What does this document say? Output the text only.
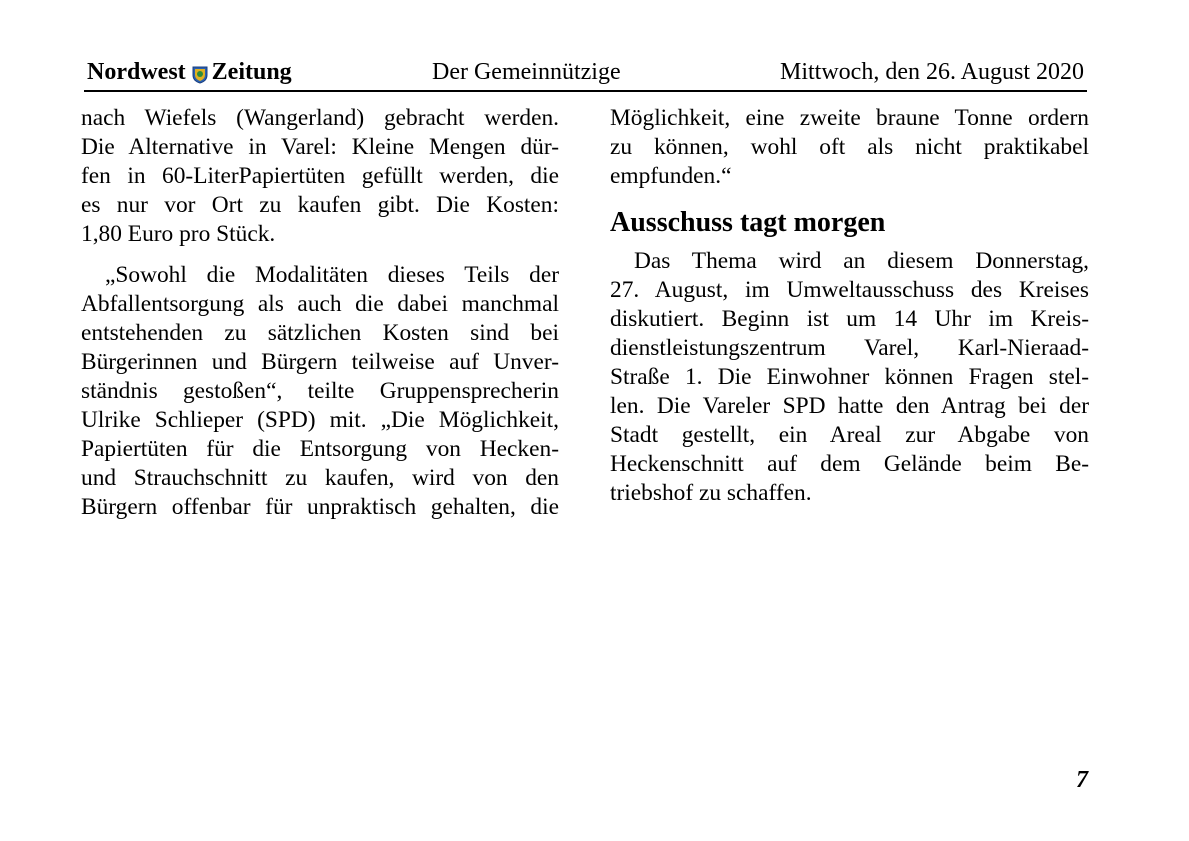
Nordwest Zeitung	Der Gemeinnützige	Mittwoch, den 26. August 2020
nach Wiefels (Wangerland) gebracht werden.
Die Alternative in Varel: Kleine Mengen dür-
fen in 60-LiterPapiertüten gefüllt werden, die
es nur vor Ort zu kaufen gibt. Die Kosten:
1,80 Euro pro Stück.
„Sowohl die Modalitäten dieses Teils der
Abfallentsorgung als auch die dabei manchmal
entstehenden zu sätzlichen Kosten sind bei
Bürgerinnen und Bürgern teilweise auf Unver-
ständnis gestoßen“, teilte Gruppensprecherin
Ulrike Schlieper (SPD) mit. „Die Möglichkeit,
Papiertüten für die Entsorgung von Hecken-
und Strauchschnitt zu kaufen, wird von den
Bürgern offenbar für unpraktisch gehalten, die
Möglichkeit, eine zweite braune Tonne ordern
zu können, wohl oft als nicht praktikabel
empfunden.“
Ausschuss tagt morgen
Das Thema wird an diesem Donnerstag,
27. August, im Umweltausschuss des Kreises
diskutiert. Beginn ist um 14 Uhr im Kreis-
dienstleistungszentrum Varel, Karl-Nieraad-
Straße 1. Die Einwohner können Fragen stel-
len. Die Vareler SPD hatte den Antrag bei der
Stadt gestellt, ein Areal zur Abgabe von
Heckenschnitt auf dem Gelände beim Be-
triebshof zu schaffen.
7
